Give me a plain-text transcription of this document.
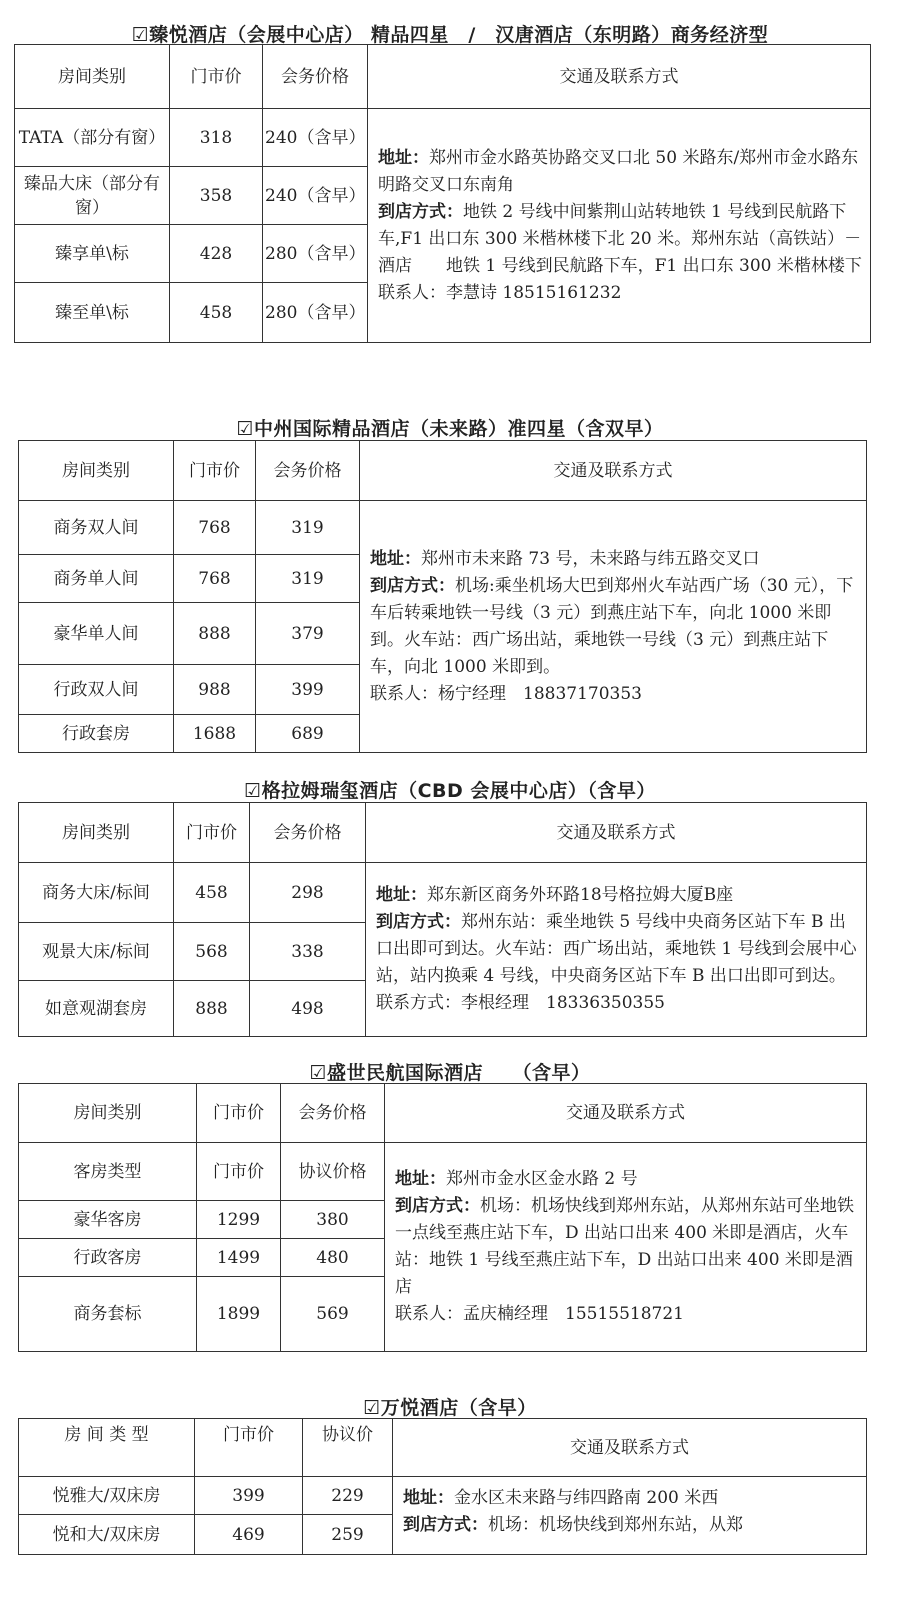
☑臻悦酒店（会展中心店） 精品四星　/　汉唐酒店（东明路）商务经济型
房间类别	门市价	会务价格	交通及联系方式
TATA（部分有窗）	318	240（含早）	地址：郑州市金水路英协路交叉口北 50 米路东/郑州市金水路东明路交叉口东南角

到店方式：地铁 2 号线中间紫荆山站转地铁 1 号线到民航路下车,F1 出口东 300 米楷林楼下北 20 米。郑州东站（高铁站）－酒店　　地铁 1 号线到民航路下车，F1 出口东 300 米楷林楼下

联系人：李慧诗 18515161232

臻品大床（部分有窗）	358	240（含早）	
臻享单\标	428	280（含早）	
臻至单\标	458	280（含早）	
☑中州国际精品酒店（未来路）准四星（含双早）
房间类别	门市价	会务价格	交通及联系方式
商务双人间	768	319	地址：郑州市未来路 73 号，未来路与纬五路交叉口

到店方式：机场:乘坐机场大巴到郑州火车站西广场（30 元），下车后转乘地铁一号线（3 元）到燕庄站下车，向北 1000 米即到。火车站：西广场出站，乘地铁一号线（3 元）到燕庄站下车，向北 1000 米即到。

联系人：杨宁经理　18837170353

商务单人间	768	319	
豪华单人间	888	379	
行政双人间	988	399	
行政套房	1688	689	
☑格拉姆瑞玺酒店（CBD 会展中心店）（含早）
房间类别	门市价	会务价格	交通及联系方式
商务大床/标间	458	298	地址：郑东新区商务外环路18号格拉姆大厦B座

到店方式：郑州东站：乘坐地铁 5 号线中央商务区站下车 B 出口出即可到达。火车站：西广场出站，乘地铁 1 号线到会展中心站，站内换乘 4 号线，中央商务区站下车 B 出口出即可到达。

联系方式：李根经理　18336350355

观景大床/标间	568	338	
如意观湖套房	888	498	
☑盛世民航国际酒店　　（含早）
房间类别	门市价	会务价格	交通及联系方式
客房类型	门市价	协议价格	地址：郑州市金水区金水路 2 号

到店方式：机场：机场快线到郑州东站，从郑州东站可坐地铁一点线至燕庄站下车，D 出站口出来 400 米即是酒店，火车站：地铁 1 号线至燕庄站下车，D 出站口出来 400 米即是酒店

联系人：孟庆楠经理　15515518721

豪华客房	1299	380	
行政客房	1499	480	
商务套标	1899	569	
☑万悦酒店（含早）
房 间 类 型	门市价	协议价	交通及联系方式
悦雅大/双床房	399	229	地址：金水区未来路与纬四路南 200 米西

到店方式：机场：机场快线到郑州东站，从郑

悦和大/双床房	469	259	
